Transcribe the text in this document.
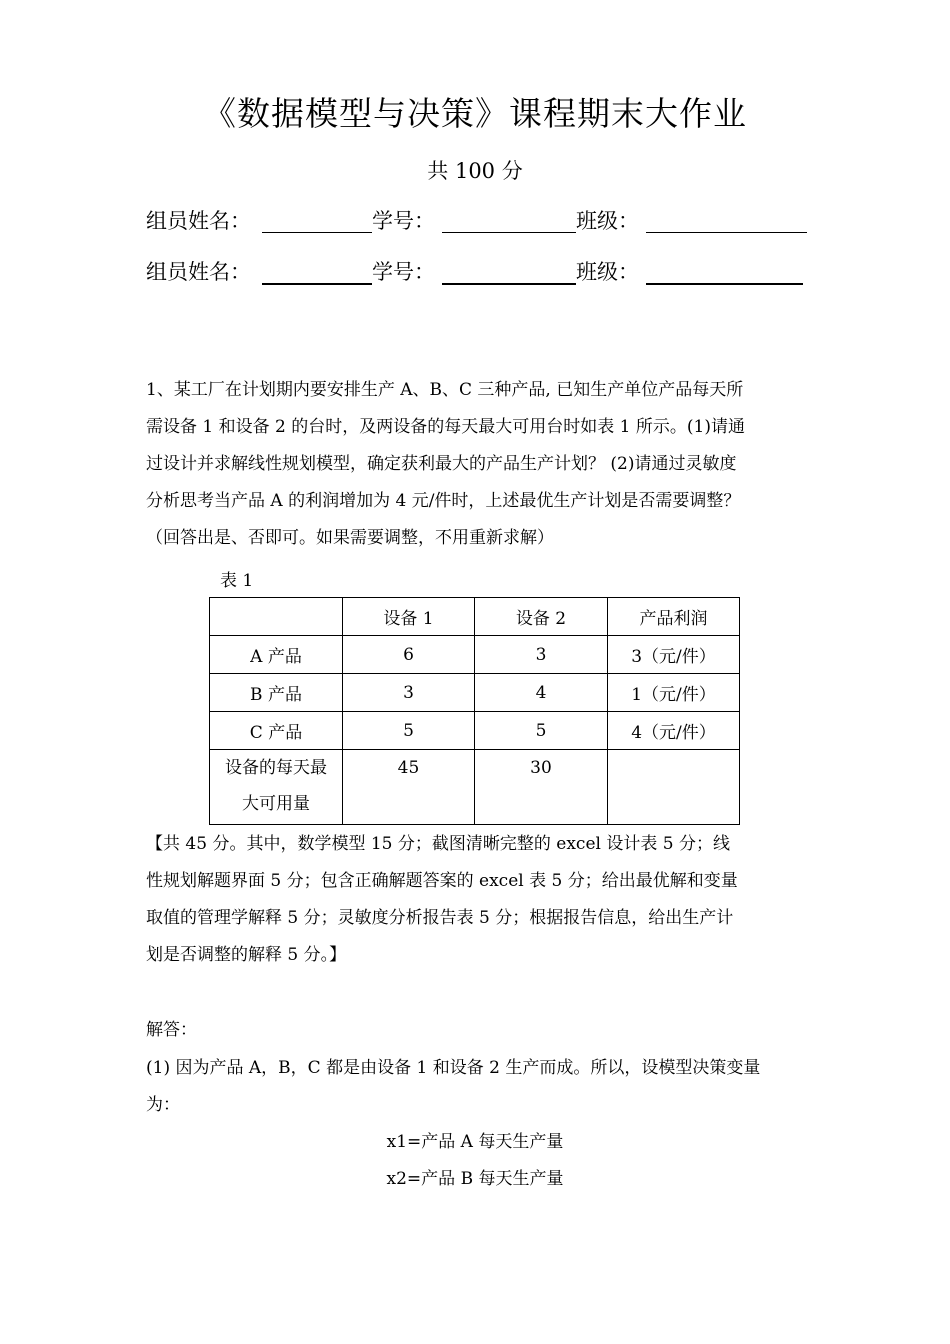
《数据模型与决策》课程期末大作业
共 100 分
组员姓名：	学号：	班级：
组员姓名：	学号：	班级：
1、某工厂在计划期内要安排生产 A、B、C 三种产品, 已知生产单位产品每天所
需设备 1 和设备 2 的台时，及两设备的每天最大可用台时如表 1 所示。(1)请通
过设计并求解线性规划模型，确定获利最大的产品生产计划？ (2)请通过灵敏度
分析思考当产品 A 的利润增加为 4 元/件时，上述最优生产计划是否需要调整？
（回答出是、否即可。如果需要调整，不用重新求解）
表 1
	设备 1	设备 2	产品利润
A 产品	6	3	3（元/件）
B 产品	3	4	1（元/件）
C 产品	5	5	4（元/件）

设备的每天最
大可用量	45	30	
【共 45 分。其中，数学模型 15 分；截图清晰完整的 excel 设计表 5 分；线
性规划解题界面 5 分；包含正确解题答案的 excel 表 5 分；给出最优解和变量
取值的管理学解释 5 分；灵敏度分析报告表 5 分；根据报告信息，给出生产计
划是否调整的解释 5 分。】
解答：
(1) 因为产品 A，B，C 都是由设备 1 和设备 2 生产而成。所以，设模型决策变量
为：
x1=产品 A 每天生产量
x2=产品 B 每天生产量
